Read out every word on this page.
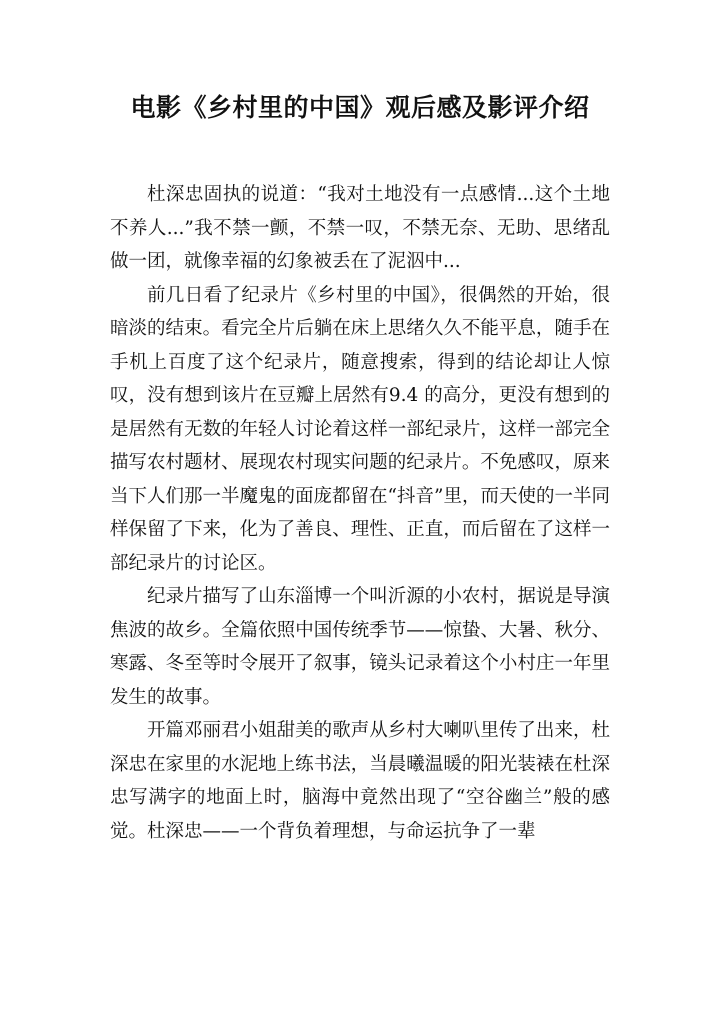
电影《乡村里的中国》观后感及影评介绍

杜深忠固执的说道：“我对土地没有一点感情...这个土地不养人...”我不禁一颤，不禁一叹，不禁无奈、无助、思绪乱做一团，就像幸福的幻象被丢在了泥泅中...

前几日看了纪录片《乡村里的中国》，很偶然的开始，很暗淡的结束。看完全片后躺在床上思绪久久不能平息，随手在手机上百度了这个纪录片，随意搜索，得到的结论却让人惊叹，没有想到该片在豆瓣上居然有9.4 的高分，更没有想到的是居然有无数的年轻人讨论着这样一部纪录片，这样一部完全描写农村题材、展现农村现实问题的纪录片。不免感叹，原来当下人们那一半魔鬼的面庞都留在“抖音”里，而天使的一半同样保留了下来，化为了善良、理性、正直，而后留在了这样一部纪录片的讨论区。

纪录片描写了山东淄博一个叫沂源的小农村，据说是导演焦波的故乡。全篇依照中国传统季节——惊蛰、大暑、秋分、寒露、冬至等时令展开了叙事，镜头记录着这个小村庄一年里发生的故事。

开篇邓丽君小姐甜美的歌声从乡村大喇叭里传了出来，杜深忠在家里的水泥地上练书法，当晨曦温暖的阳光装裱在杜深忠写满字的地面上时，脑海中竟然出现了“空谷幽兰”般的感觉。杜深忠——一个背负着理想，与命运抗争了一辈
